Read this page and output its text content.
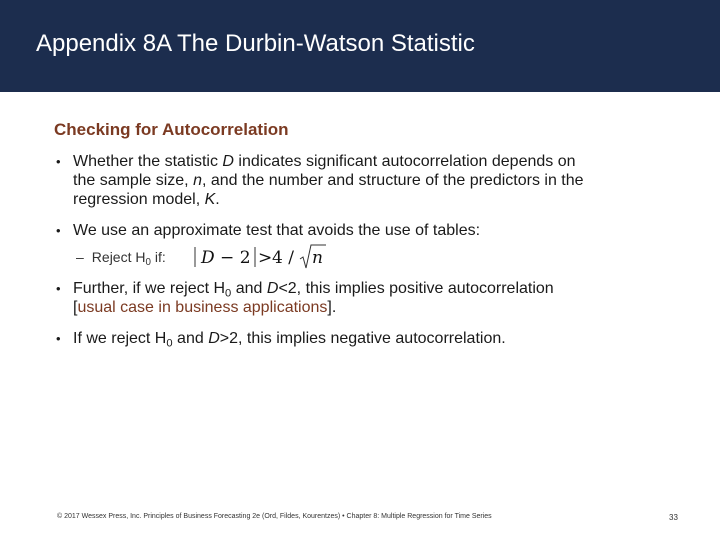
Appendix 8A The Durbin-Watson Statistic
Checking for Autocorrelation
• Whether the statistic D indicates significant autocorrelation depends on
the sample size, n, and the number and structure of the predictors in the
regression model, K.
• We use an approximate test that avoids the use of tables:
– Reject $H_0$ if: D − 2 > 4 / n
• Further, if we reject $H_0$ and D<2, this implies positive autocorrelation
[usual case in business applications].
• If we reject $H_0$ and D>2, this implies negative autocorrelation.
© 2017 Wessex Press, Inc. Principles of Business Forecasting 2e (Ord, Fildes, Kourentzes) • Chapter 8: Multiple Regression for Time Series	33
